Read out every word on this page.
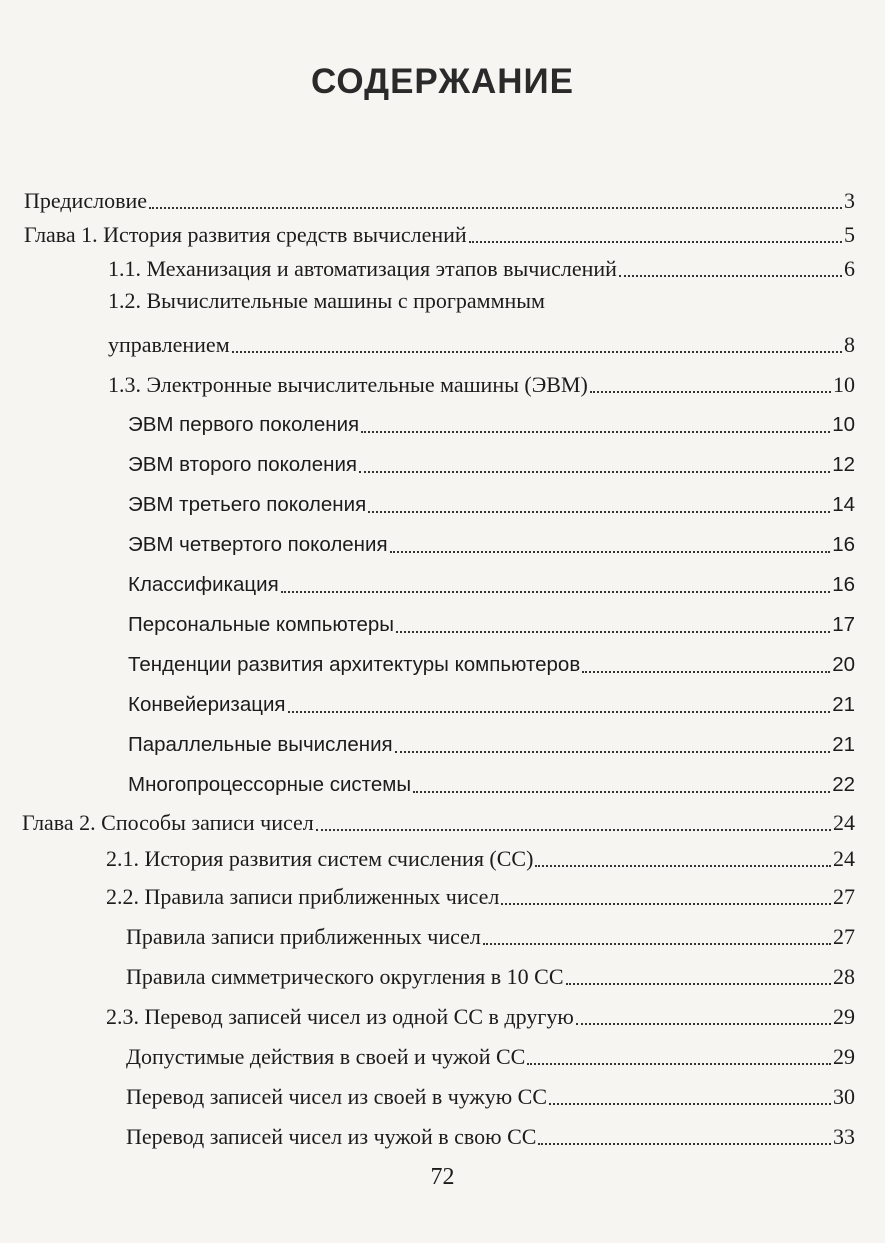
СОДЕРЖАНИЕ
Предисловие	3
Глава 1. История развития средств вычислений	5
1.1. Механизация и автоматизация этапов вычислений	6
1.2. Вычислительные машины с программным
управлением	8
1.3. Электронные вычислительные машины (ЭВМ)	10
ЭВМ первого поколения	10
ЭВМ второго поколения	12
ЭВМ третьего поколения	14
ЭВМ четвертого поколения	16
Классификация	16
Персональные компьютеры	17
Тенденции развития архитектуры компьютеров	20
Конвейеризация	21
Параллельные вычисления	21
Многопроцессорные системы	22
Глава 2. Способы записи чисел	24
2.1. История развития систем счисления (СС)	24
2.2. Правила записи приближенных чисел	27
Правила записи приближенных чисел	27
Правила симметрического округления в 10 СС	28
2.3. Перевод записей чисел из одной СС в другую	29
Допустимые действия в своей и чужой СС	29
Перевод записей чисел из своей в чужую СС	30
Перевод записей чисел из чужой в свою СС	33
72
